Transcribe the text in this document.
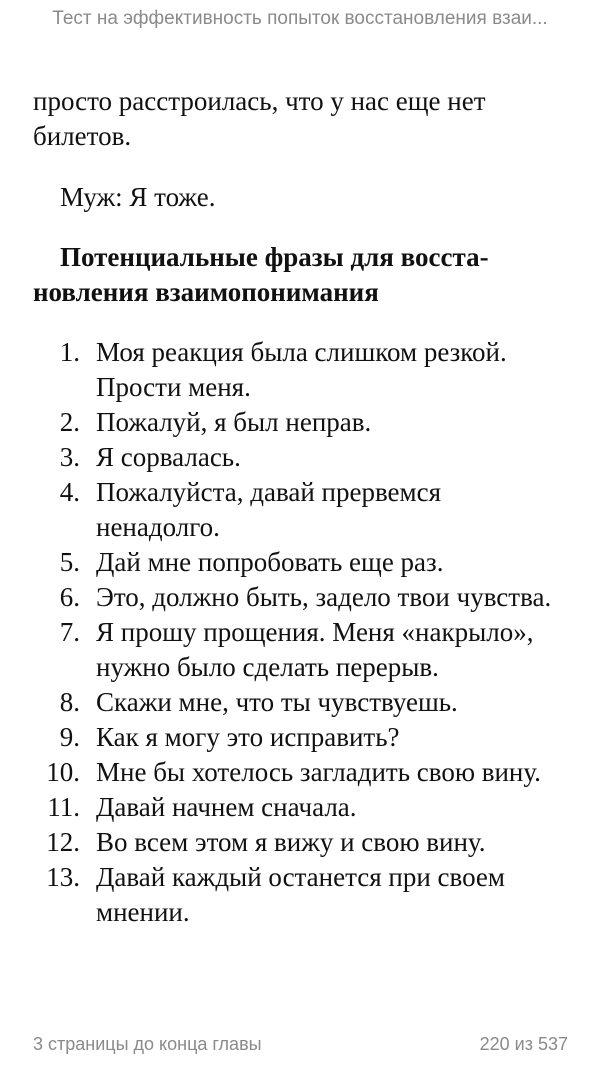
Тест на эффективность попыток восстановления взаи...

просто расстроилась, что у нас еще нет билетов.

Муж: Я тоже.

Потенциальные фразы для восстановления взаимопонимания

1. Моя реакция была слишком резкой. Прости меня.
2. Пожалуй, я был неправ.
3. Я сорвалась.
4. Пожалуйста, давай прервемся ненадолго.
5. Дай мне попробовать еще раз.
6. Это, должно быть, задело твои чувства.
7. Я прошу прощения. Меня «накрыло», нужно было сделать перерыв.
8. Скажи мне, что ты чувствуешь.
9. Как я могу это исправить?
10. Мне бы хотелось загладить свою вину.
11. Давай начнем сначала.
12. Во всем этом я вижу и свою вину.
13. Давай каждый останется при своем мнении.
3 страницы до конца главы	220 из 537
